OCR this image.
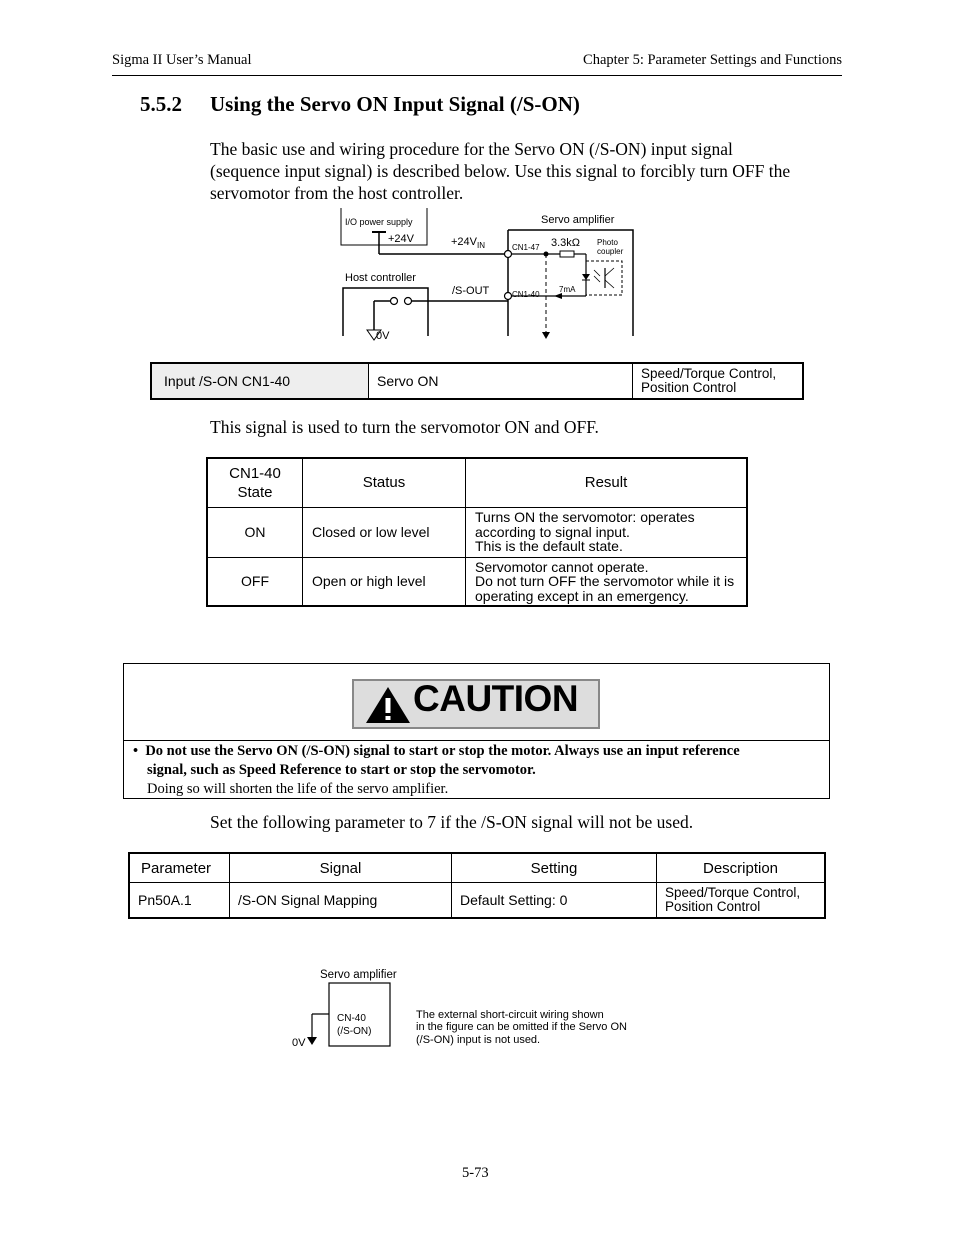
Sigma II User’s Manual	Chapter 5: Parameter Settings and Functions
5.5.2 Using the Servo ON Input Signal (/S-ON)
The basic use and wiring procedure for the Servo ON (/S-ON) input signal
(sequence input signal) is described below. Use this signal to forcibly turn OFF the
servomotor from the host controller.
I/O power supply
+24V	$+24V_{IN}$
Servo amplifier
CN1-47 3.3kΩ Photo
coupler
7mA
CN1-40
Host controller
/S-OUT
0V
Input /S-ON CN1-40	Servo ON	Speed/Torque Control,
Position Control
This signal is used to turn the servomotor ON and OFF.
CN1-40
State	Status	Result
ON	Closed or low level	Turns ON the servomotor: operates
according to signal input.
This is the default state.

OFF	Open or high level	Servomotor cannot operate.
Do not turn OFF the servomotor while it is
operating except in an emergency.
CAUTION
• Do not use the Servo ON (/S-ON) signal to start or stop the motor. Always use an input reference
signal, such as Speed Reference to start or stop the servomotor.
Doing so will shorten the life of the servo amplifier.
Set the following parameter to 7 if the /S-ON signal will not be used.
Parameter	Signal	Setting	Description
Pn50A.1	/S-ON Signal Mapping	Default Setting: 0	Speed/Torque Control,
Position Control
Servo amplifier
CN-40
(/S-ON)
0V
The external short-circuit wiring shown
in the figure can be omitted if the Servo ON
(/S-ON) input is not used.
5-73
